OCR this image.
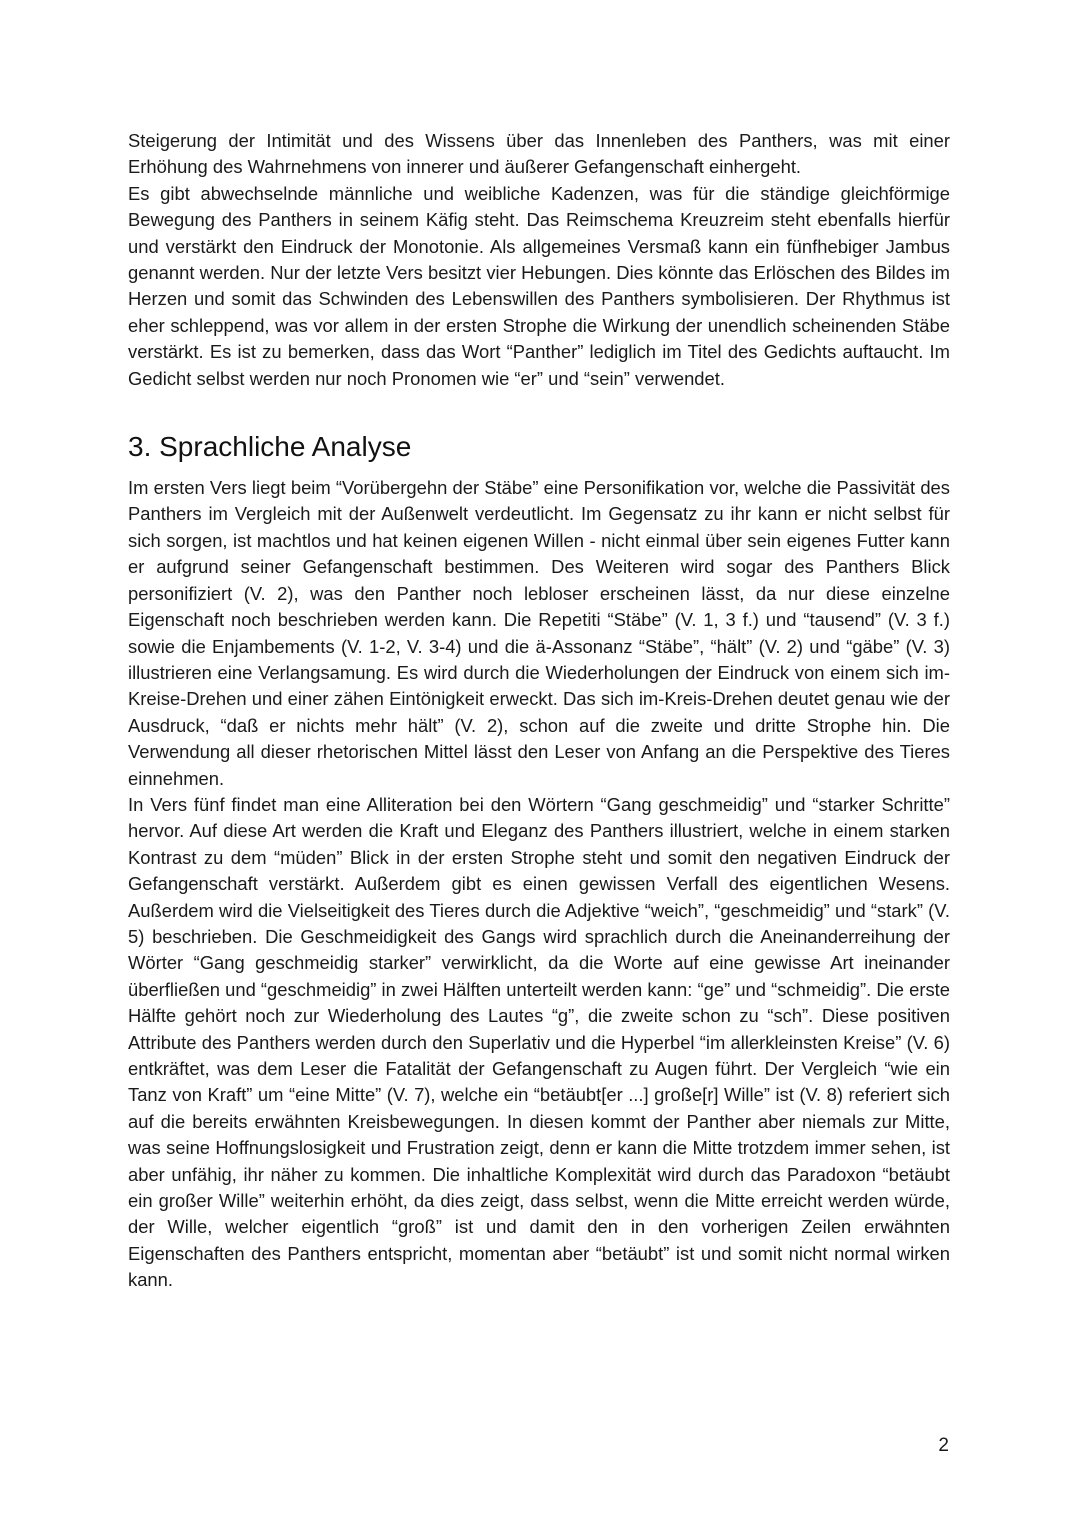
Steigerung der Intimität und des Wissens über das Innenleben des Panthers, was mit einer Erhöhung des Wahrnehmens von innerer und äußerer Gefangenschaft einhergeht.

Es gibt abwechselnde männliche und weibliche Kadenzen, was für die ständige gleichförmige Bewegung des Panthers in seinem Käfig steht. Das Reimschema Kreuzreim steht ebenfalls hierfür und verstärkt den Eindruck der Monotonie. Als allgemeines Versmaß kann ein fünfhebiger Jambus genannt werden. Nur der letzte Vers besitzt vier Hebungen. Dies könnte das Erlöschen des Bildes im Herzen und somit das Schwinden des Lebenswillen des Panthers symbolisieren. Der Rhythmus ist eher schleppend, was vor allem in der ersten Strophe die Wirkung der unendlich scheinenden Stäbe verstärkt. Es ist zu bemerken, dass das Wort “Panther” lediglich im Titel des Gedichts auftaucht. Im Gedicht selbst werden nur noch Pronomen wie “er” und “sein” verwendet.

3. Sprachliche Analyse

Im ersten Vers liegt beim “Vorübergehn der Stäbe” eine Personifikation vor, welche die Passivität des Panthers im Vergleich mit der Außenwelt verdeutlicht. Im Gegensatz zu ihr kann er nicht selbst für sich sorgen, ist machtlos und hat keinen eigenen Willen - nicht einmal über sein eigenes Futter kann er aufgrund seiner Gefangenschaft bestimmen. Des Weiteren wird sogar des Panthers Blick personifiziert (V. 2), was den Panther noch lebloser erscheinen lässt, da nur diese einzelne Eigenschaft noch beschrieben werden kann. Die Repetiti “Stäbe” (V. 1, 3 f.) und “tausend” (V. 3 f.) sowie die Enjambements (V. 1-2, V. 3-4) und die ä-Assonanz “Stäbe”, “hält” (V. 2) und “gäbe” (V. 3) illustrieren eine Verlangsamung. Es wird durch die Wiederholungen der Eindruck von einem sich im-Kreise-Drehen und einer zähen Eintönigkeit erweckt. Das sich im-Kreis-Drehen deutet genau wie der Ausdruck, “daß er nichts mehr hält” (V. 2), schon auf die zweite und dritte Strophe hin. Die Verwendung all dieser rhetorischen Mittel lässt den Leser von Anfang an die Perspektive des Tieres einnehmen.

In Vers fünf findet man eine Alliteration bei den Wörtern “Gang geschmeidig” und “starker Schritte” hervor. Auf diese Art werden die Kraft und Eleganz des Panthers illustriert, welche in einem starken Kontrast zu dem “müden” Blick in der ersten Strophe steht und somit den negativen Eindruck der Gefangenschaft verstärkt. Außerdem gibt es einen gewissen Verfall des eigentlichen Wesens. Außerdem wird die Vielseitigkeit des Tieres durch die Adjektive “weich”, “geschmeidig” und “stark” (V. 5) beschrieben. Die Geschmeidigkeit des Gangs wird sprachlich durch die Aneinanderreihung der Wörter “Gang geschmeidig starker” verwirklicht, da die Worte auf eine gewisse Art ineinander überfließen und “geschmeidig” in zwei Hälften unterteilt werden kann: “ge” und “schmeidig”. Die erste Hälfte gehört noch zur Wiederholung des Lautes “g”, die zweite schon zu “sch”. Diese positiven Attribute des Panthers werden durch den Superlativ und die Hyperbel “im allerkleinsten Kreise” (V. 6) entkräftet, was dem Leser die Fatalität der Gefangenschaft zu Augen führt. Der Vergleich “wie ein Tanz von Kraft” um “eine Mitte” (V. 7), welche ein “betäubt[er ...] große[r] Wille” ist (V. 8) referiert sich auf die bereits erwähnten Kreisbewegungen. In diesen kommt der Panther aber niemals zur Mitte, was seine Hoffnungslosigkeit und Frustration zeigt, denn er kann die Mitte trotzdem immer sehen, ist aber unfähig, ihr näher zu kommen. Die inhaltliche Komplexität wird durch das Paradoxon “betäubt ein großer Wille” weiterhin erhöht, da dies zeigt, dass selbst, wenn die Mitte erreicht werden würde, der Wille, welcher eigentlich “groß” ist und damit den in den vorherigen Zeilen erwähnten Eigenschaften des Panthers entspricht, momentan aber “betäubt” ist und somit nicht normal wirken kann.

2
